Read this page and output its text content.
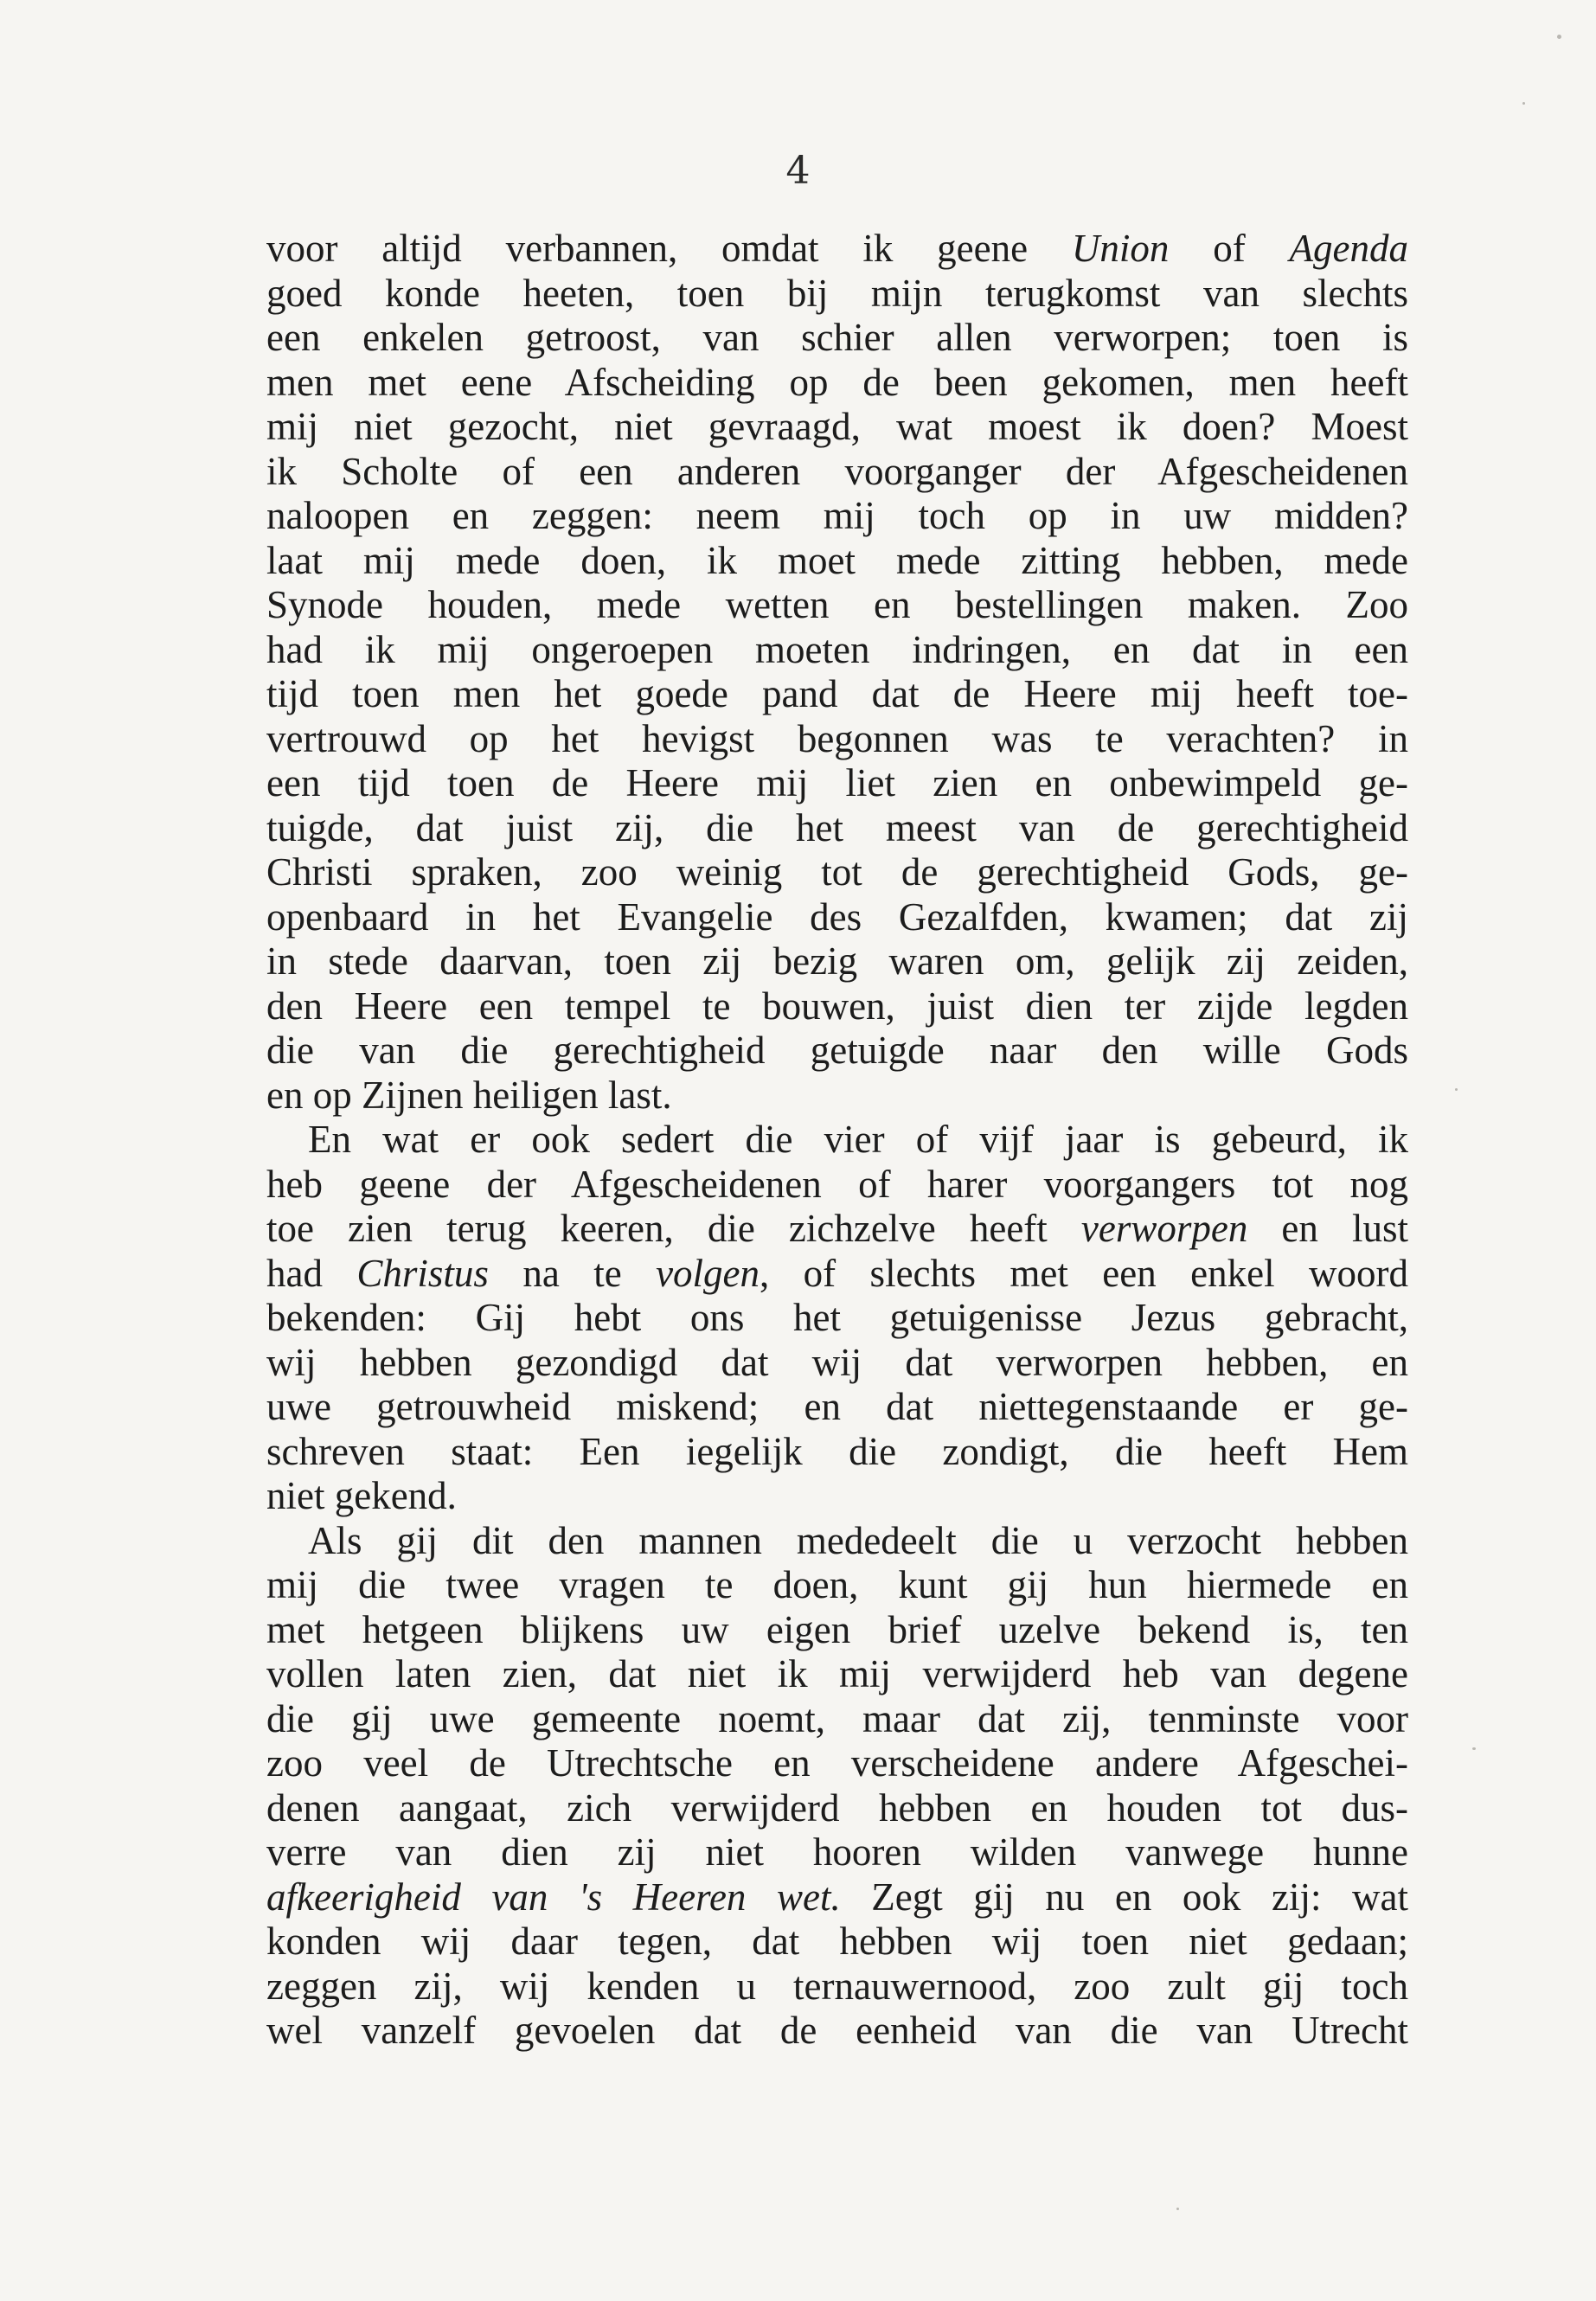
4
voor altijd verbannen, omdat ik geene Union of Agenda
goed konde heeten, toen bij mijn terugkomst van slechts
een enkelen getroost, van schier allen verworpen; toen is
men met eene Afscheiding op de been gekomen, men heeft
mij niet gezocht, niet gevraagd, wat moest ik doen? Moest
ik Scholte of een anderen voorganger der Afgescheidenen
naloopen en zeggen: neem mij toch op in uw midden?
laat mij mede doen, ik moet mede zitting hebben, mede
Synode houden, mede wetten en bestellingen maken. Zoo
had ik mij ongeroepen moeten indringen, en dat in een
tijd toen men het goede pand dat de Heere mij heeft toe-
vertrouwd op het hevigst begonnen was te verachten? in
een tijd toen de Heere mij liet zien en onbewimpeld ge-
tuigde, dat juist zij, die het meest van de gerechtigheid
Christi spraken, zoo weinig tot de gerechtigheid Gods, ge-
openbaard in het Evangelie des Gezalfden, kwamen; dat zij
in stede daarvan, toen zij bezig waren om, gelijk zij zeiden,
den Heere een tempel te bouwen, juist dien ter zijde legden
die van die gerechtigheid getuigde naar den wille Gods
en op Zijnen heiligen last.
En wat er ook sedert die vier of vijf jaar is gebeurd, ik
heb geene der Afgescheidenen of harer voorgangers tot nog
toe zien terug keeren, die zichzelve heeft verworpen en lust
had Christus na te volgen, of slechts met een enkel woord
bekenden: Gij hebt ons het getuigenisse Jezus gebracht,
wij hebben gezondigd dat wij dat verworpen hebben, en
uwe getrouwheid miskend; en dat niettegenstaande er ge-
schreven staat: Een iegelijk die zondigt, die heeft Hem
niet gekend.
Als gij dit den mannen mededeelt die u verzocht hebben
mij die twee vragen te doen, kunt gij hun hiermede en
met hetgeen blijkens uw eigen brief uzelve bekend is, ten
vollen laten zien, dat niet ik mij verwijderd heb van degene
die gij uwe gemeente noemt, maar dat zij, tenminste voor
zoo veel de Utrechtsche en verscheidene andere Afgeschei-
denen aangaat, zich verwijderd hebben en houden tot dus-
verre van dien zij niet hooren wilden vanwege hunne
afkeerigheid van 's Heeren wet. Zegt gij nu en ook zij: wat
konden wij daar tegen, dat hebben wij toen niet gedaan;
zeggen zij, wij kenden u ternauwernood, zoo zult gij toch
wel vanzelf gevoelen dat de eenheid van die van Utrecht
